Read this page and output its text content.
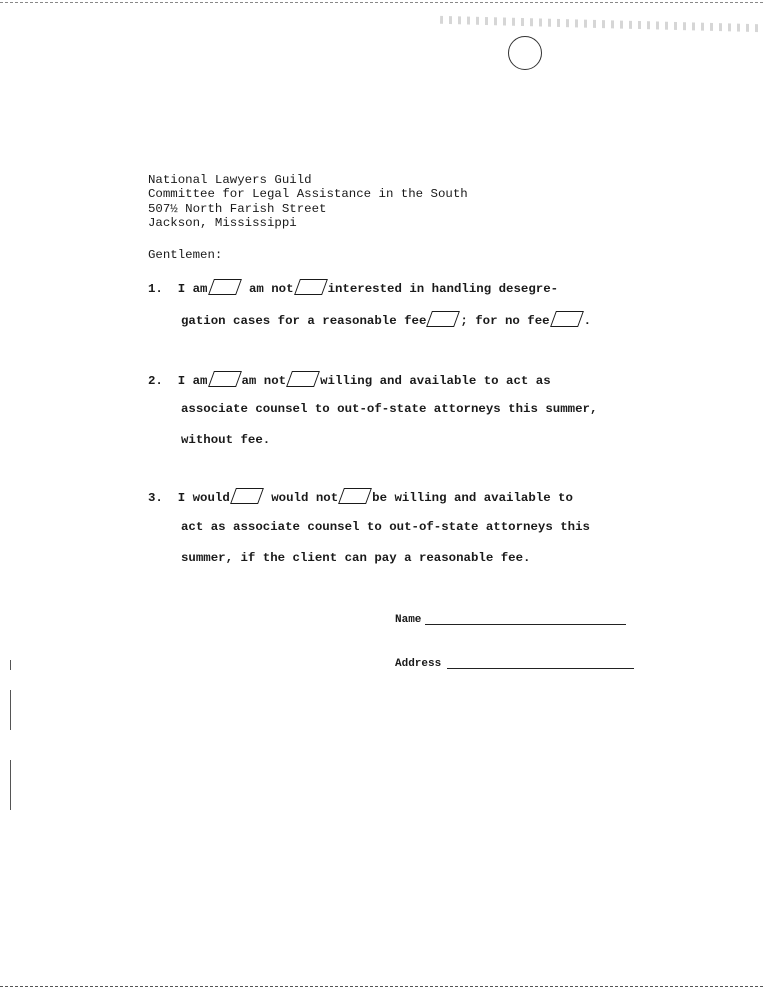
National Lawyers Guild
Committee for Legal Assistance in the South
507½ North Farish Street
Jackson, Mississippi
Gentlemen:
1. I am	am not	interested in handling desegre-
gation cases for a reasonable fee	; for no fee	.
2. I am	am not	willing and available to act as
associate counsel to out-of-state attorneys this summer,
without fee.
3. I would	would not	be willing and available to
act as associate counsel to out-of-state attorneys this
summer, if the client can pay a reasonable fee.
Name
Address
